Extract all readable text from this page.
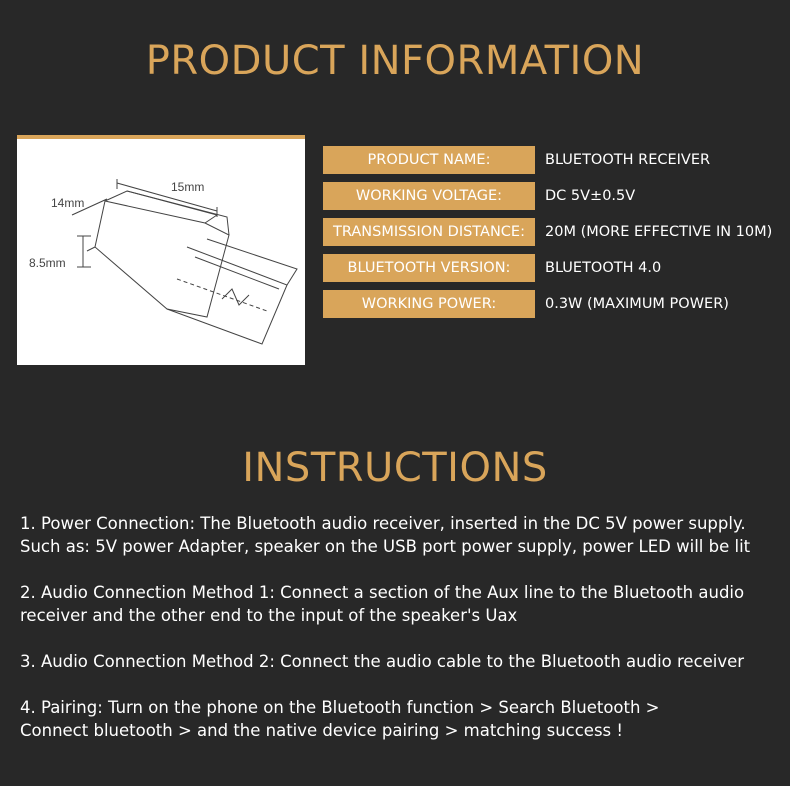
PRODUCT INFORMATION
15mm
14mm
8.5mm
PRODUCT NAME:	BLUETOOTH RECEIVER
WORKING VOLTAGE:	DC 5V±0.5V
TRANSMISSION DISTANCE:	20M (MORE EFFECTIVE IN 10M)
BLUETOOTH VERSION:	BLUETOOTH 4.0
WORKING POWER:	0.3W (MAXIMUM POWER)
INSTRUCTIONS
1. Power Connection: The Bluetooth audio receiver, inserted in the DC 5V power supply.
Such as: 5V power Adapter, speaker on the USB port power supply, power LED will be lit
2. Audio Connection Method 1: Connect a section of the Aux line to the Bluetooth audio
receiver and the other end to the input of the speaker's Uax
3. Audio Connection Method 2: Connect the audio cable to the Bluetooth audio receiver
4. Pairing: Turn on the phone on the Bluetooth function > Search Bluetooth >
Connect bluetooth > and the native device pairing > matching success !
